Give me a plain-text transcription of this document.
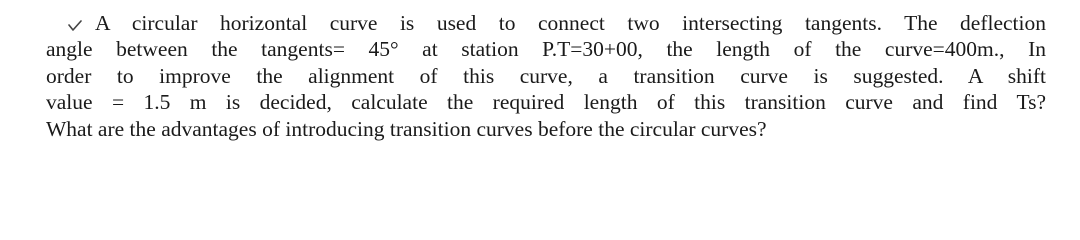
A circular horizontal curve is used to connect two intersecting tangents. The deflection
angle between the tangents= 45° at station P.T=30+00, the length of the curve=400m., In
order to improve the alignment of this curve, a transition curve is suggested. A shift
value = 1.5 m is decided, calculate the required length of this transition curve and find Ts?
What are the advantages of introducing transition curves before the circular curves?
